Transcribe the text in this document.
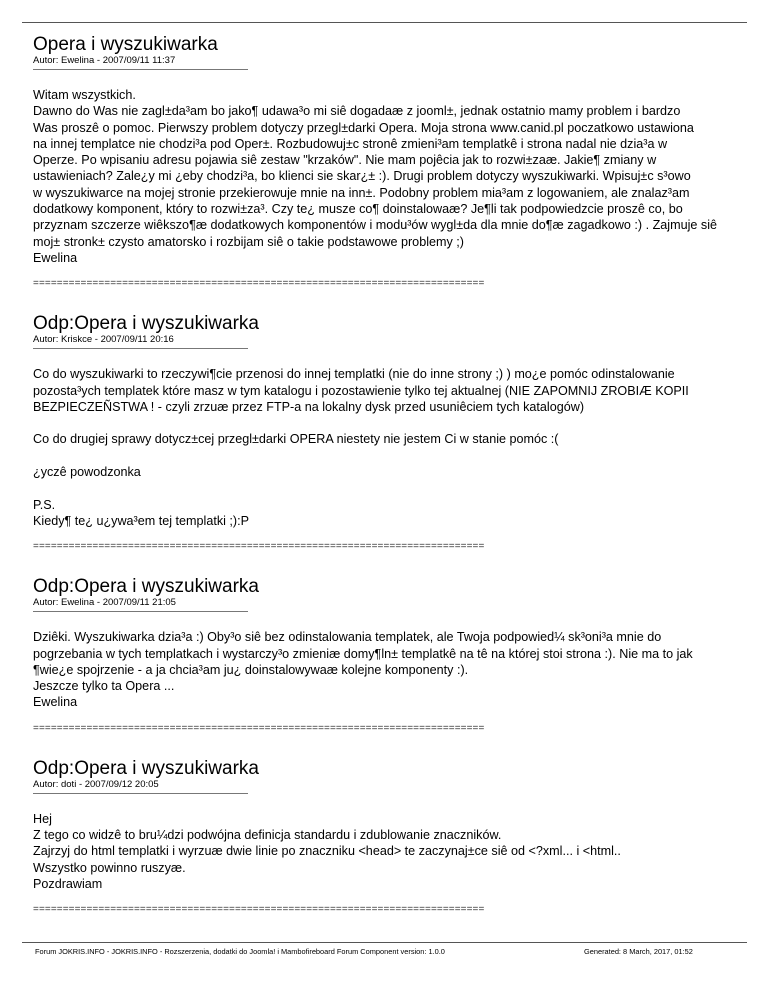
Opera i wyszukiwarka

Autor: Ewelina - 2007/09/11 11:37

Witam wszystkich.
Dawno do Was nie zagl±da³am bo jako¶ udawa³o mi siê dogadaæ z jooml±, jednak ostatnio mamy problem i bardzo
Was proszê o pomoc. Pierwszy problem dotyczy przegl±darki Opera. Moja strona www.canid.pl poczatkowo ustawiona
na innej templatce nie chodzi³a pod Oper±. Rozbudowuj±c stronê zmieni³am templatkê i strona nadal nie dzia³a w
Operze. Po wpisaniu adresu pojawia siê zestaw "krzaków". Nie mam pojêcia jak to rozwi±zaæ. Jakie¶ zmiany w
ustawieniach? Zale¿y mi ¿eby chodzi³a, bo klienci sie skar¿± :). Drugi problem dotyczy wyszukiwarki. Wpisuj±c s³owo
w wyszukiwarce na mojej stronie przekierowuje mnie na inn±. Podobny problem mia³am z logowaniem, ale znalaz³am
dodatkowy komponent, który to rozwi±za³. Czy te¿ musze co¶ doinstalowaæ? Je¶li tak podpowiedzcie proszê co, bo
przyznam szczerze wiêkszo¶æ dodatkowych komponentów i modu³ów wygl±da dla mnie do¶æ zagadkowo :) . Zajmuje siê
moj± stronk± czysto amatorsko i rozbijam siê o takie podstawowe problemy ;)
Ewelina
============================================================================
Odp:Opera i wyszukiwarka

Autor: Kriskce - 2007/09/11 20:16

Co do wyszukiwarki to rzeczywi¶cie przenosi do innej templatki (nie do inne strony ;) ) mo¿e pomóc odinstalowanie
pozosta³ych templatek które masz w tym katalogu i pozostawienie tylko tej aktualnej (NIE ZAPOMNIJ ZROBIÆ KOPII
BEZPIECZEÑSTWA ! - czyli zrzuæ przez FTP-a na lokalny dysk przed usuniêciem tych katalogów)

Co do drugiej sprawy dotycz±cej przegl±darki OPERA niestety nie jestem Ci w stanie pomóc :(

¿yczê powodzonka

P.S.
Kiedy¶ te¿ u¿ywa³em tej templatki ;):P
============================================================================
Odp:Opera i wyszukiwarka

Autor: Ewelina - 2007/09/11 21:05

Dziêki. Wyszukiwarka dzia³a :) Oby³o siê bez odinstalowania templatek, ale Twoja podpowied¼ sk³oni³a mnie do
pogrzebania w tych templatkach i wystarczy³o zmieniæ domy¶ln± templatkê na tê na której stoi strona :). Nie ma to jak
¶wie¿e spojrzenie - a ja chcia³am ju¿ doinstalowywaæ kolejne komponenty :).
Jeszcze tylko ta Opera ...
Ewelina
============================================================================
Odp:Opera i wyszukiwarka

Autor: doti - 2007/09/12 20:05

Hej
Z tego co widzê to bru¼dzi podwójna definicja standardu i zdublowanie znaczników.
Zajrzyj do html templatki i wyrzuæ dwie linie po znaczniku <head> te zaczynaj±ce siê od <?xml... i <html..
Wszystko powinno ruszyæ.
Pozdrawiam
============================================================================
Forum JOKRIS.INFO - JOKRIS.INFO - Rozszerzenia, dodatki do Joomla! i Mambofireboard Forum Component version: 1.0.0	Generated: 8 March, 2017, 01:52
